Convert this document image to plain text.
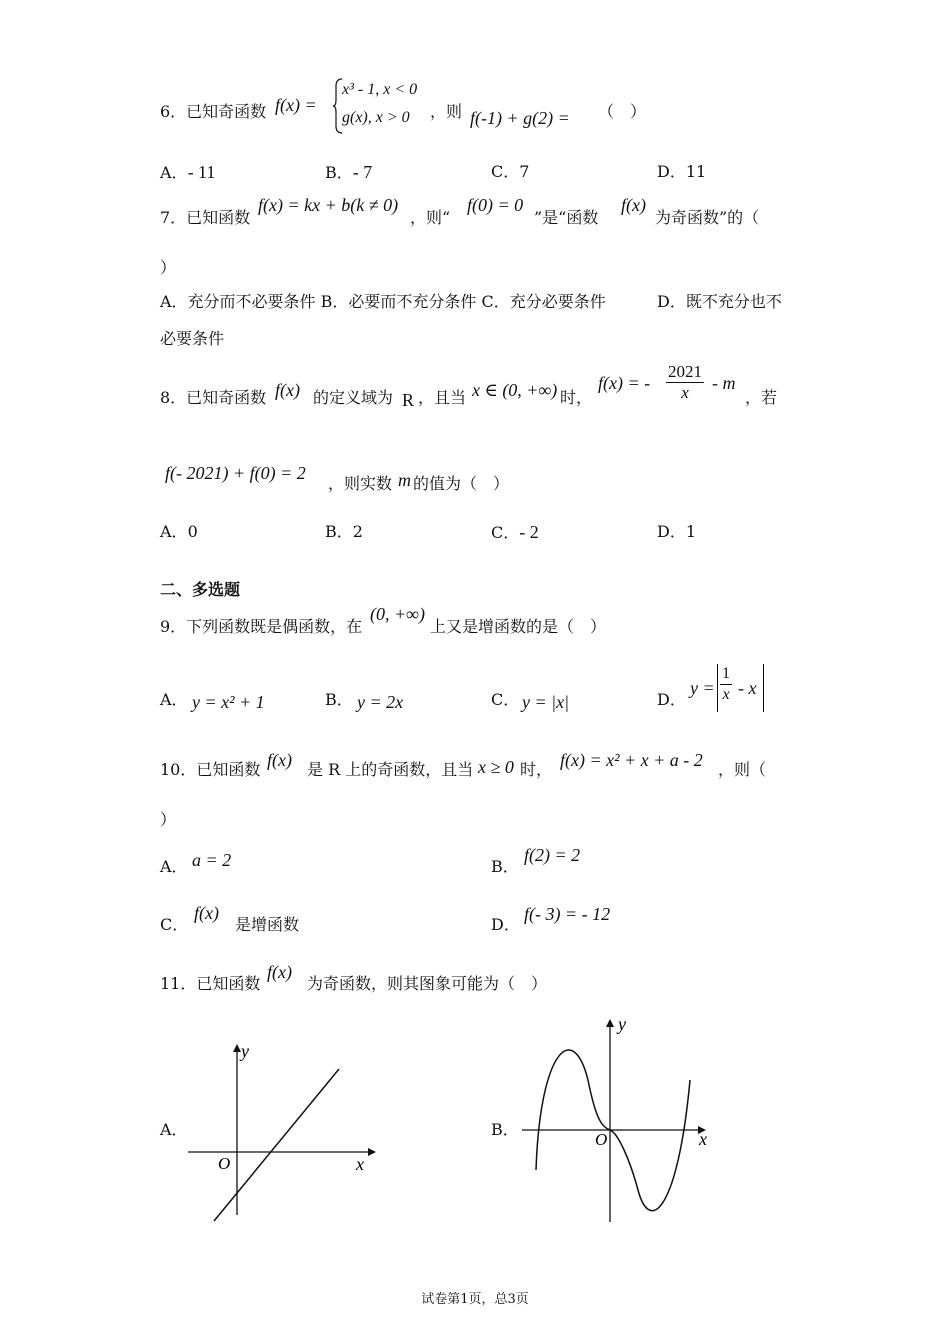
6．已知奇函数 f(x) =
x³ - 1, x < 0
g(x), x > 0 ，则 f(-1) + g(2) = （　）
A．- 11	B．- 7	C．7	D．11
7．已知函数
f(x) = kx + b(k ≠ 0)
，则“
f(0) = 0
”是“函数
f(x)
为奇函数”的（
）
A．充分而不必要条件 B．必要而不充分条件 C．充分必要条件	D．既不充分也不
必要条件
8．已知奇函数 f(x) 的定义域为 R ，且当 x ∈ (0, +∞) 时，
f(x) = - $\frac{2021}{x}$ - m
，若
f(- 2021) + f(0) = 2
，则实数 m 的值为（　）
A．0	B．2	C．- 2	D．1
二、多选题
9．下列函数既是偶函数，在
(0, +∞)
上又是增函数的是（　）
A． y = x² + 1	B． y = 2x	C． y = |x|	D．
$y = \frac{1}{x} - x$
10．已知函数 f(x) 是 R 上的奇函数，且当 x ≥ 0 时， f(x) = x² + x + a - 2 ，则（
）
A． a = 2	B．
f(2) = 2
C．
f(x)
是增函数	D．
f(- 3) = - 12
11．已知函数
f(x)
为奇函数，则其图象可能为（　）
A．	B．
y
x
O
y
x
O
试卷第1页，总3页
